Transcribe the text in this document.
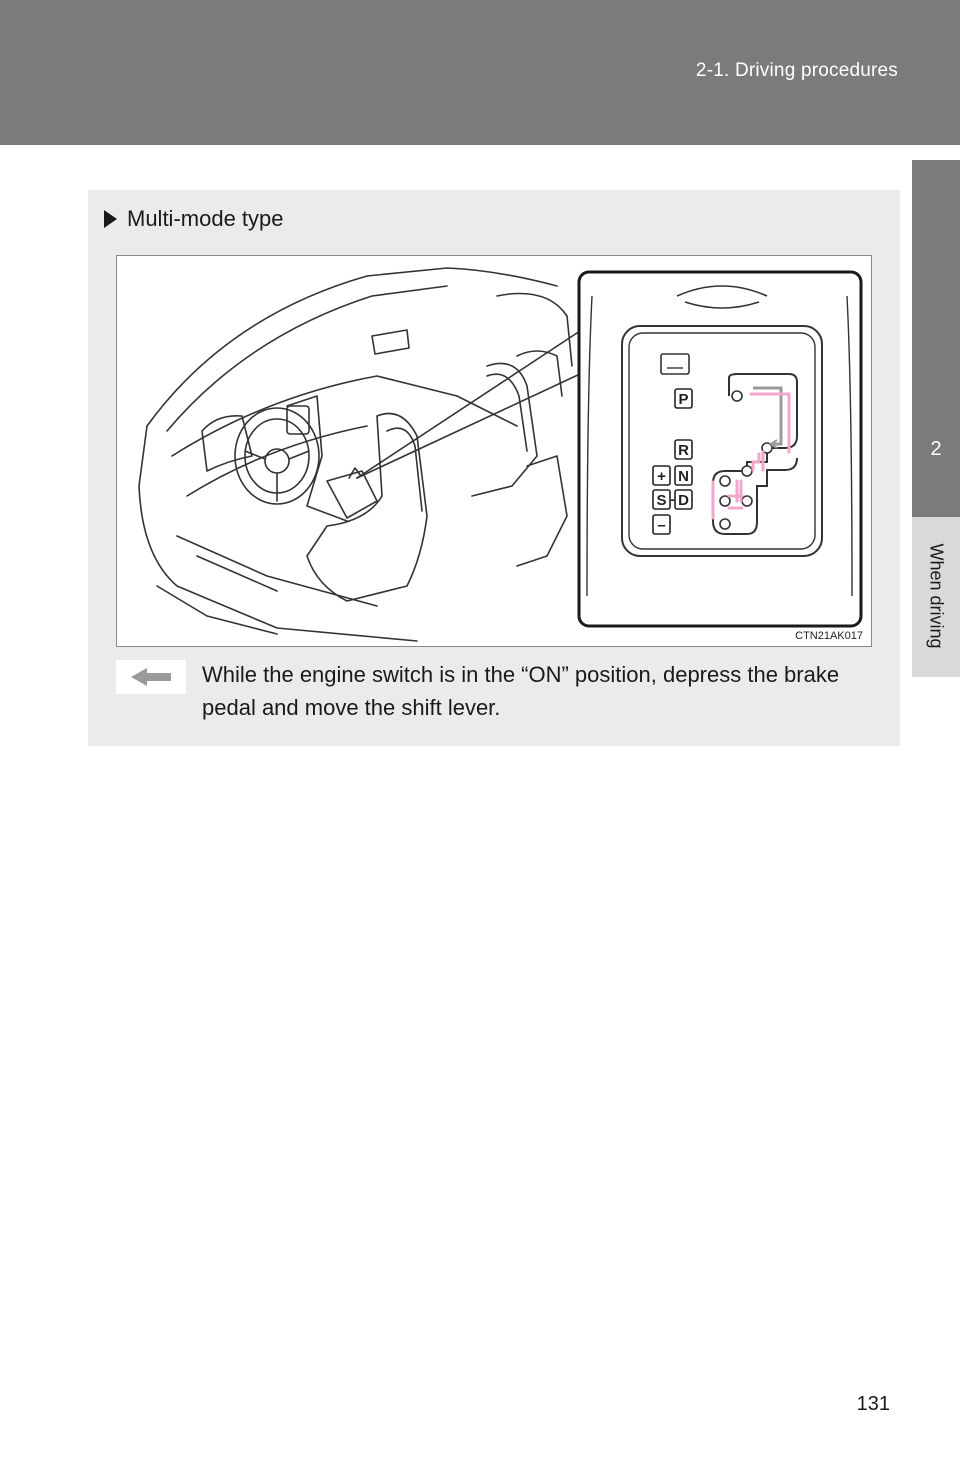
2-1. Driving procedures
2
When driving
Multi-mode type
P
R
N
D
+
S -
–
CTN21AK017
While the engine switch is in the “ON” position, depress the brake pedal and move the shift lever.
131
